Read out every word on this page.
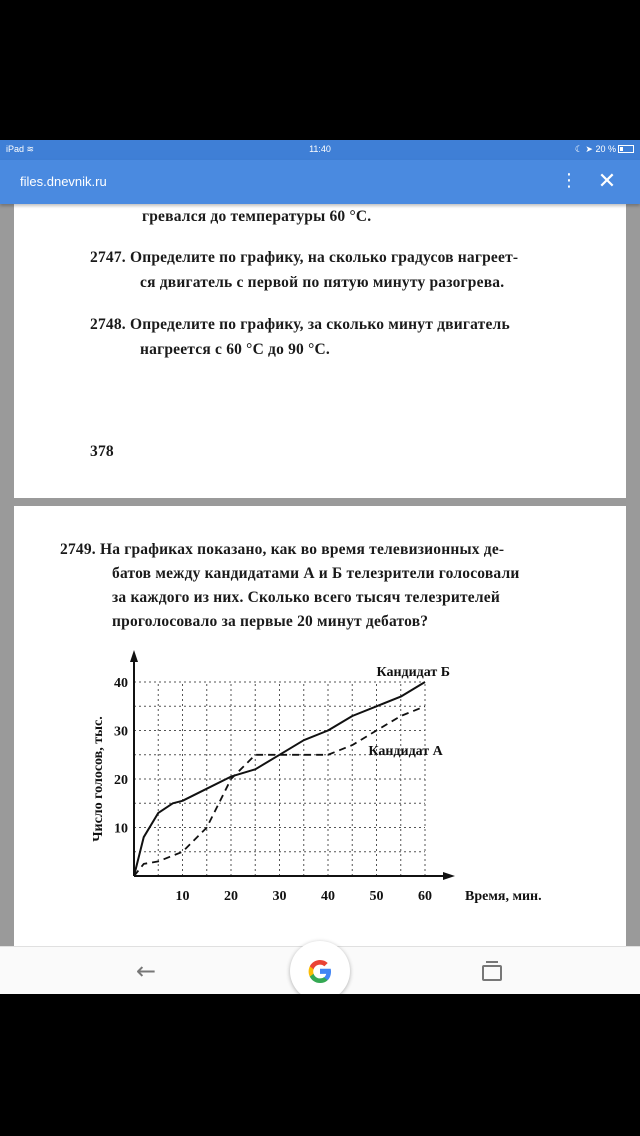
iPad ≋	11:40	☾ ➤ 20 %
files.dnevnik.ru	⋮ ✕
гревался до температуры 60 °C.
2747. Определите по графику, на сколько градусов нагреет-
ся двигатель с первой по пятую минуту разогрева.
2748. Определите по графику, за сколько минут двигатель
нагреется с 60 °C до 90 °C.
378
2749. На графиках показано, как во время телевизионных де-
батов между кандидатами А и Б телезрители голосовали
за каждого из них. Сколько всего тысяч телезрителей
проголосовало за первые 20 минут дебатов?
10 20 30 40 50 60
10
20
30
40
Кандидат Б
Кандидат А
Время, мин.
Число голосов, тыс.
←
